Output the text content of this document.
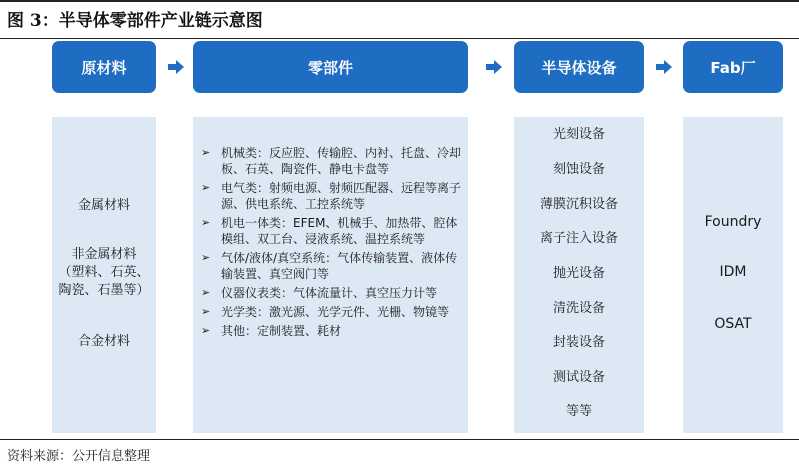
图 3：半导体零部件产业链示意图
原材料	零部件	半导体设备	Fab厂
金属材料
非金属材料
（塑料、石英、
陶瓷、石墨等）
合金材料
➢ 机械类：反应腔、传输腔、内衬、托盘、冷却板、石英、陶瓷件、静电卡盘等
➢ 电气类：射频电源、射频匹配器、远程等离子源、供电系统、工控系统等
➢ 机电一体类：EFEM、机械手、加热带、腔体模组、双工台、浸液系统、温控系统等
➢ 气体/液体/真空系统：气体传输装置、液体传输装置、真空阀门等
➢ 仪器仪表类：气体流量计、真空压力计等
➢ 光学类：激光源、光学元件、光栅、物镜等
➢ 其他：定制装置、耗材
光刻设备
刻蚀设备
薄膜沉积设备
离子注入设备
抛光设备
清洗设备
封装设备
测试设备
等等
Foundry
IDM
OSAT
资料来源：公开信息整理
